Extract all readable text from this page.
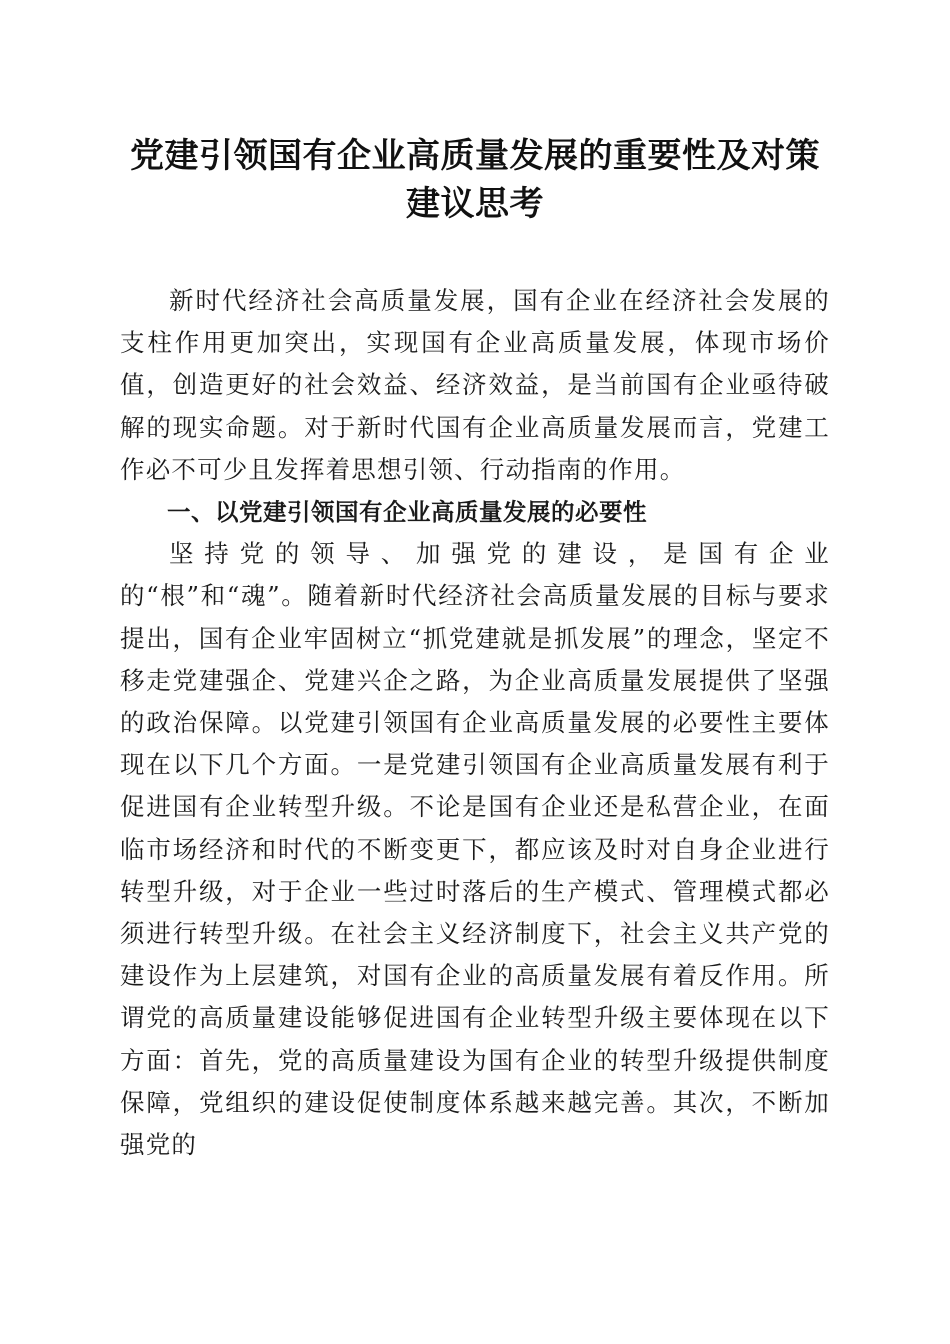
党建引领国有企业高质量发展的重要性及对策
建议思考

新时代经济社会高质量发展，国有企业在经济社会发展的支柱作用更加突出，实现国有企业高质量发展，体现市场价值，创造更好的社会效益、经济效益，是当前国有企业亟待破解的现实命题。对于新时代国有企业高质量发展而言，党建工作必不可少且发挥着思想引领、行动指南的作用。

一、以党建引领国有企业高质量发展的必要性

坚持党的领导、加强党的建设，是国有企业的“根”和“魂”。随着新时代经济社会高质量发展的目标与要求提出，国有企业牢固树立“抓党建就是抓发展”的理念，坚定不移走党建强企、党建兴企之路，为企业高质量发展提供了坚强的政治保障。以党建引领国有企业高质量发展的必要性主要体现在以下几个方面。一是党建引领国有企业高质量发展有利于促进国有企业转型升级。不论是国有企业还是私营企业，在面临市场经济和时代的不断变更下，都应该及时对自身企业进行转型升级，对于企业一些过时落后的生产模式、管理模式都必须进行转型升级。在社会主义经济制度下，社会主义共产党的建设作为上层建筑，对国有企业的高质量发展有着反作用。所谓党的高质量建设能够促进国有企业转型升级主要体现在以下方面：首先，党的高质量建设为国有企业的转型升级提供制度保障，党组织的建设促使制度体系越来越完善。其次，不断加强党的
